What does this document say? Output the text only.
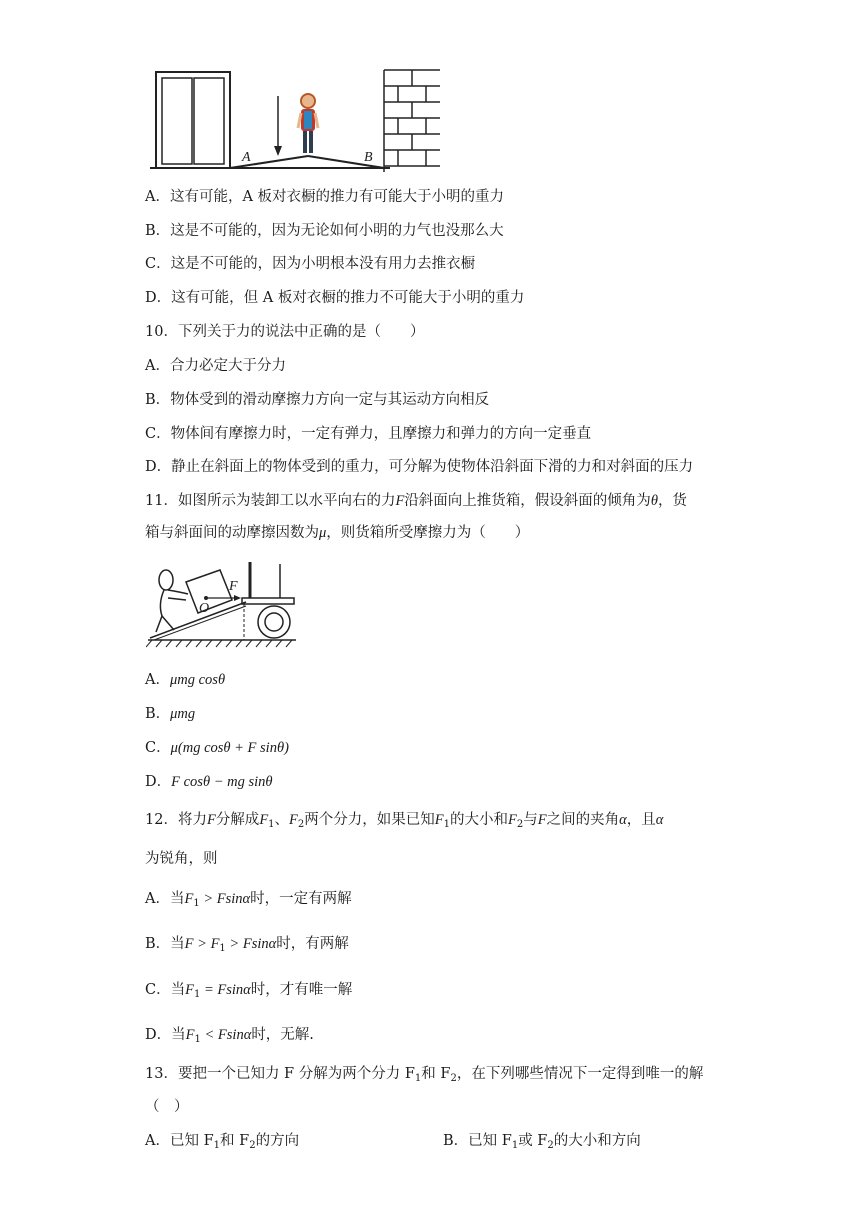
A	B
A．这有可能，A 板对衣橱的推力有可能大于小明的重力
B．这是不可能的，因为无论如何小明的力气也没那么大
C．这是不可能的，因为小明根本没有用力去推衣橱
D．这有可能，但 A 板对衣橱的推力不可能大于小明的重力
10．下列关于力的说法中正确的是（　　）
A．合力必定大于分力
B．物体受到的滑动摩擦力方向一定与其运动方向相反
C．物体间有摩擦力时，一定有弹力，且摩擦力和弹力的方向一定垂直
D．静止在斜面上的物体受到的重力，可分解为使物体沿斜面下滑的力和对斜面的压力
11．如图所示为装卸工以水平向右的力F沿斜面向上推货箱，假设斜面的倾角为θ，货
箱与斜面间的动摩擦因数为μ，则货箱所受摩擦力为（　　）
F
O
A．μmg cosθ
B．μmg
C．μ(mg cosθ + F sinθ)
D．F cosθ − mg sinθ
12．将力F分解成$F_1$、$F_2$两个分力，如果已知$F_1$的大小和$F_2$与F之间的夹角α，且α
为锐角，则
A．当$F_1 > Fsin\alpha$时，一定有两解
B．当$F > F_1 > Fsin\alpha$时，有两解
C．当$F_1 = Fsin\alpha$时，才有唯一解
D．当$F_1 < Fsin\alpha$时，无解.
13．要把一个已知力 F 分解为两个分力 $F_1$和 $F_2$，在下列哪些情况下一定得到唯一的解
（　）
A．已知 $F_1$和 $F_2$的方向	B．已知 $F_1$或 $F_2$的大小和方向
